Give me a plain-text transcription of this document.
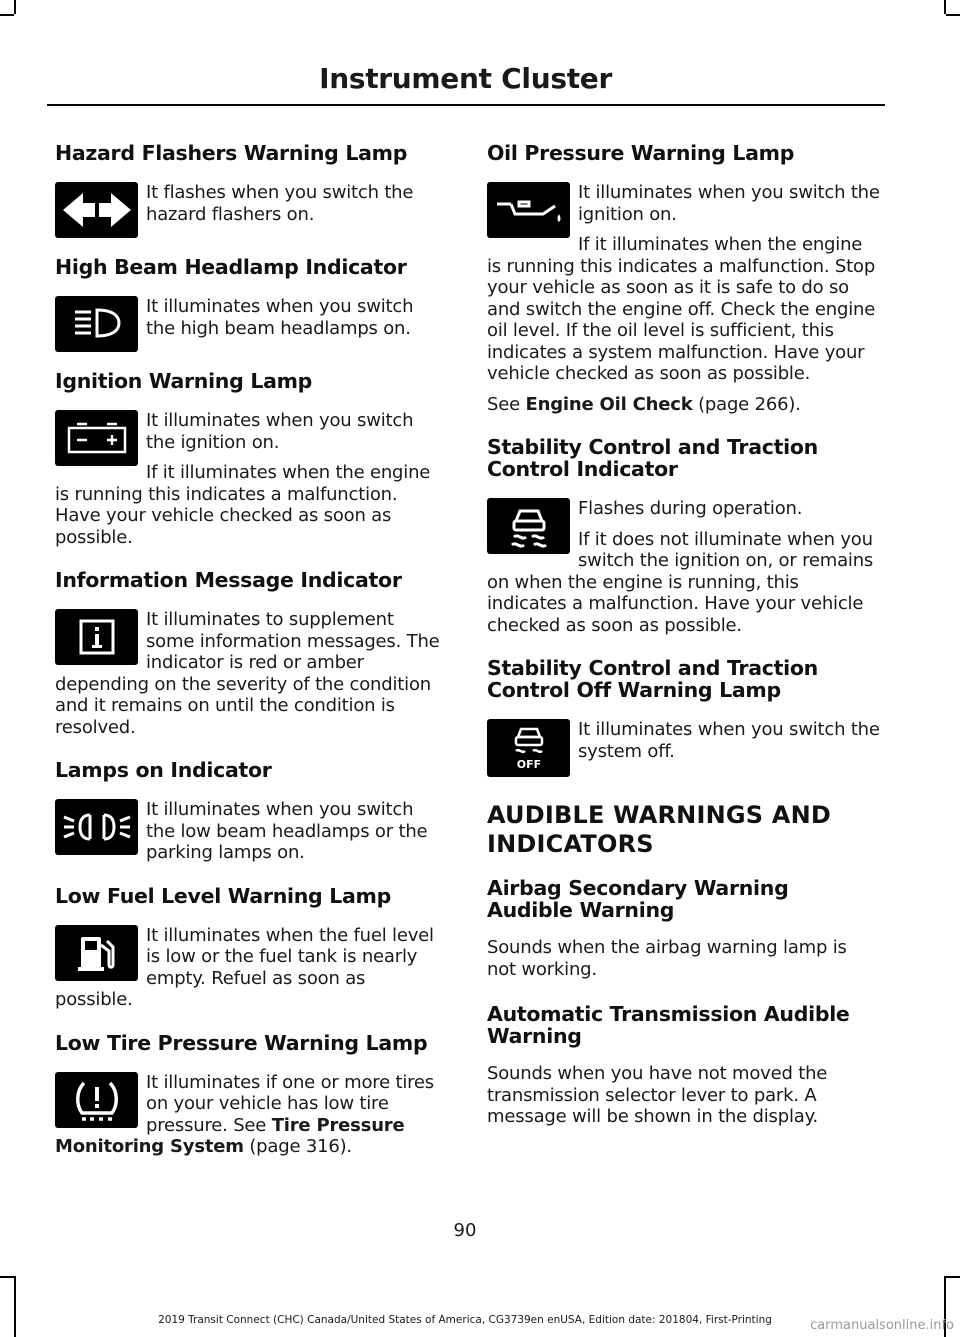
Instrument Cluster
Hazard Flashers Warning Lamp

It flashes when you switch the hazard flashers on.

High Beam Headlamp Indicator

It illuminates when you switch the high beam headlamps on.

Ignition Warning Lamp

It illuminates when you switch the ignition on.

If it illuminates when the engine is running this indicates a malfunction. Have your vehicle checked as soon as possible.

Information Message Indicator

It illuminates to supplement some information messages. The indicator is red or amber depending on the severity of the condition and it remains on until the condition is resolved.

Lamps on Indicator

It illuminates when you switch the low beam headlamps or the parking lamps on.

Low Fuel Level Warning Lamp

It illuminates when the fuel level is low or the fuel tank is nearly empty. Refuel as soon as possible.

Low Tire Pressure Warning Lamp

It illuminates if one or more tires on your vehicle has low tire pressure. See Tire Pressure Monitoring System (page 316).

Oil Pressure Warning Lamp

It illuminates when you switch the ignition on.

If it illuminates when the engine is running this indicates a malfunction. Stop your vehicle as soon as it is safe to do so and switch the engine off. Check the engine oil level. If the oil level is sufficient, this indicates a system malfunction. Have your vehicle checked as soon as possible.

See Engine Oil Check (page 266).

Stability Control and Traction Control Indicator

Flashes during operation.

If it does not illuminate when you switch the ignition on, or remains on when the engine is running, this indicates a malfunction. Have your vehicle checked as soon as possible.

Stability Control and Traction Control Off Warning Lamp
OFF

It illuminates when you switch the system off.

AUDIBLE WARNINGS AND
INDICATORS
Airbag Secondary Warning Audible Warning

Sounds when the airbag warning lamp is not working.

Automatic Transmission Audible Warning

Sounds when you have not moved the transmission selector lever to park. A message will be shown in the display.

90
2019 Transit Connect (CHC) Canada/United States of America, CG3739en enUSA, Edition date: 201804, First-Printing	carmanualsonline.info
